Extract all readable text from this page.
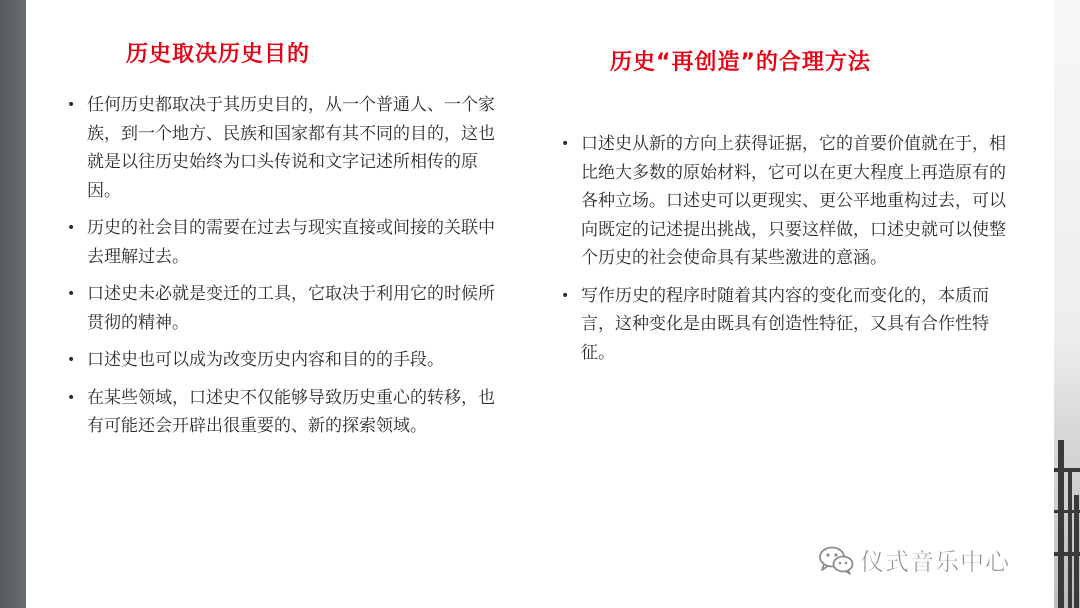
历史取决历史目的
• 任何历史都取决于其历史目的，从一个普通人、一个家族，到一个地方、民族和国家都有其不同的目的，这也就是以往历史始终为口头传说和文字记述所相传的原因。
• 历史的社会目的需要在过去与现实直接或间接的关联中去理解过去。
• 口述史未必就是变迁的工具，它取决于利用它的时候所贯彻的精神。
• 口述史也可以成为改变历史内容和目的的手段。
• 在某些领域，口述史不仅能够导致历史重心的转移，也有可能还会开辟出很重要的、新的探索领域。
历史“再创造”的合理方法
• 口述史从新的方向上获得证据，它的首要价值就在于，相比绝大多数的原始材料，它可以在更大程度上再造原有的各种立场。口述史可以更现实、更公平地重构过去，可以向既定的记述提出挑战，只要这样做，口述史就可以使整个历史的社会使命具有某些激进的意涵。
• 写作历史的程序时随着其内容的变化而变化的，本质而言，这种变化是由既具有创造性特征，又具有合作性特征。
仪式音乐中心
